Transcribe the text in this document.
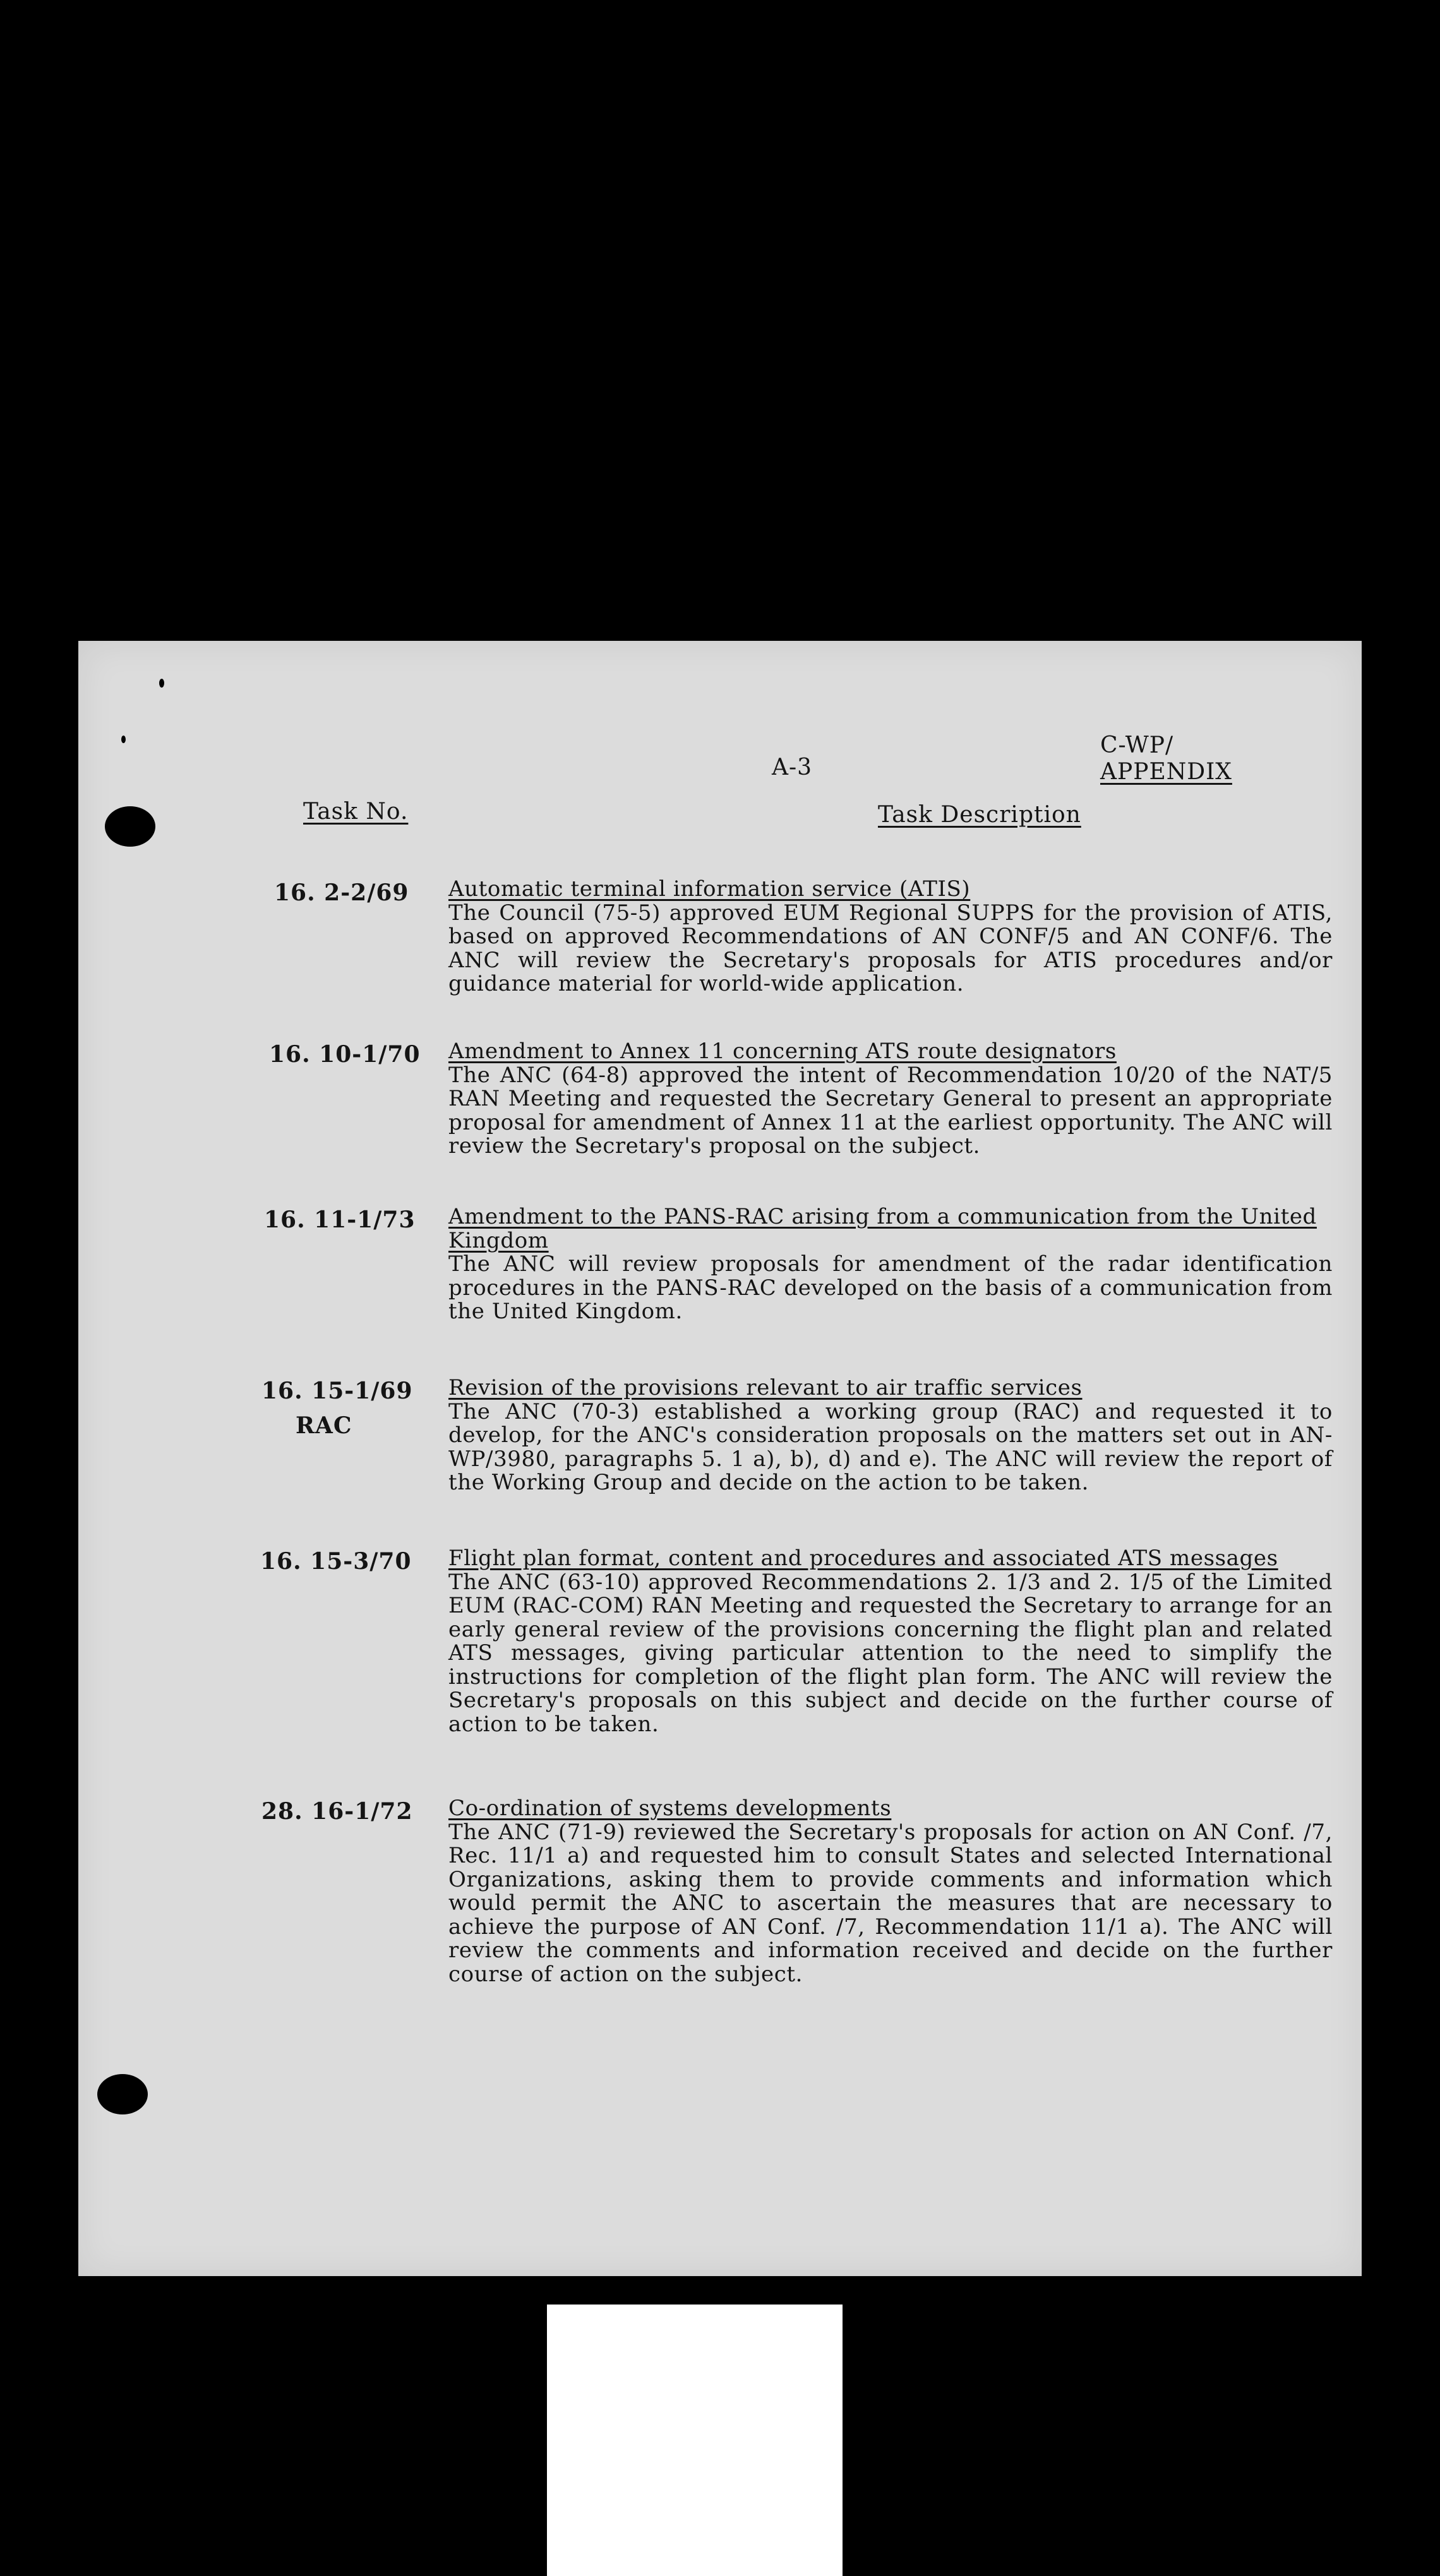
A-3
C-WP/
APPENDIX
Task No.	Task Description
16. 2-2/69 Automatic terminal information service (ATIS)
The Council (75-5) approved EUM Regional SUPPS for the provision of ATIS, based on approved Recommendations of AN CONF/5 and AN CONF/6. The ANC will review the Secretary's proposals for ATIS procedures and/or guidance material for world-wide application.
16. 10-1/70 Amendment to Annex 11 concerning ATS route designators
The ANC (64-8) approved the intent of Recommendation 10/20 of the NAT/5 RAN Meeting and requested the Secretary General to present an appropriate proposal for amendment of Annex 11 at the earliest opportunity. The ANC will review the Secretary's proposal on the subject.
16. 11-1/73 Amendment to the PANS-RAC arising from a communication from the United Kingdom
The ANC will review proposals for amendment of the radar identification procedures in the PANS-RAC developed on the basis of a communication from the United Kingdom.
16. 15-1/69
RAC
Revision of the provisions relevant to air traffic services
The ANC (70-3) established a working group (RAC) and requested it to develop, for the ANC's consideration proposals on the matters set out in AN-WP/3980, paragraphs 5. 1 a), b), d) and e). The ANC will review the report of the Working Group and decide on the action to be taken.
16. 15-3/70 Flight plan format, content and procedures and associated ATS messages
The ANC (63-10) approved Recommendations 2. 1/3 and 2. 1/5 of the Limited EUM (RAC-COM) RAN Meeting and requested the Secretary to arrange for an early general review of the provisions concerning the flight plan and related ATS messages, giving particular attention to the need to simplify the instructions for completion of the flight plan form. The ANC will review the Secretary's proposals on this subject and decide on the further course of action to be taken.
28. 16-1/72 Co-ordination of systems developments
The ANC (71-9) reviewed the Secretary's proposals for action on AN Conf. /7, Rec. 11/1 a) and requested him to consult States and selected International Organizations, asking them to provide comments and information which would permit the ANC to ascertain the measures that are necessary to achieve the purpose of AN Conf. /7, Recommendation 11/1 a). The ANC will review the comments and information received and decide on the further course of action on the subject.
